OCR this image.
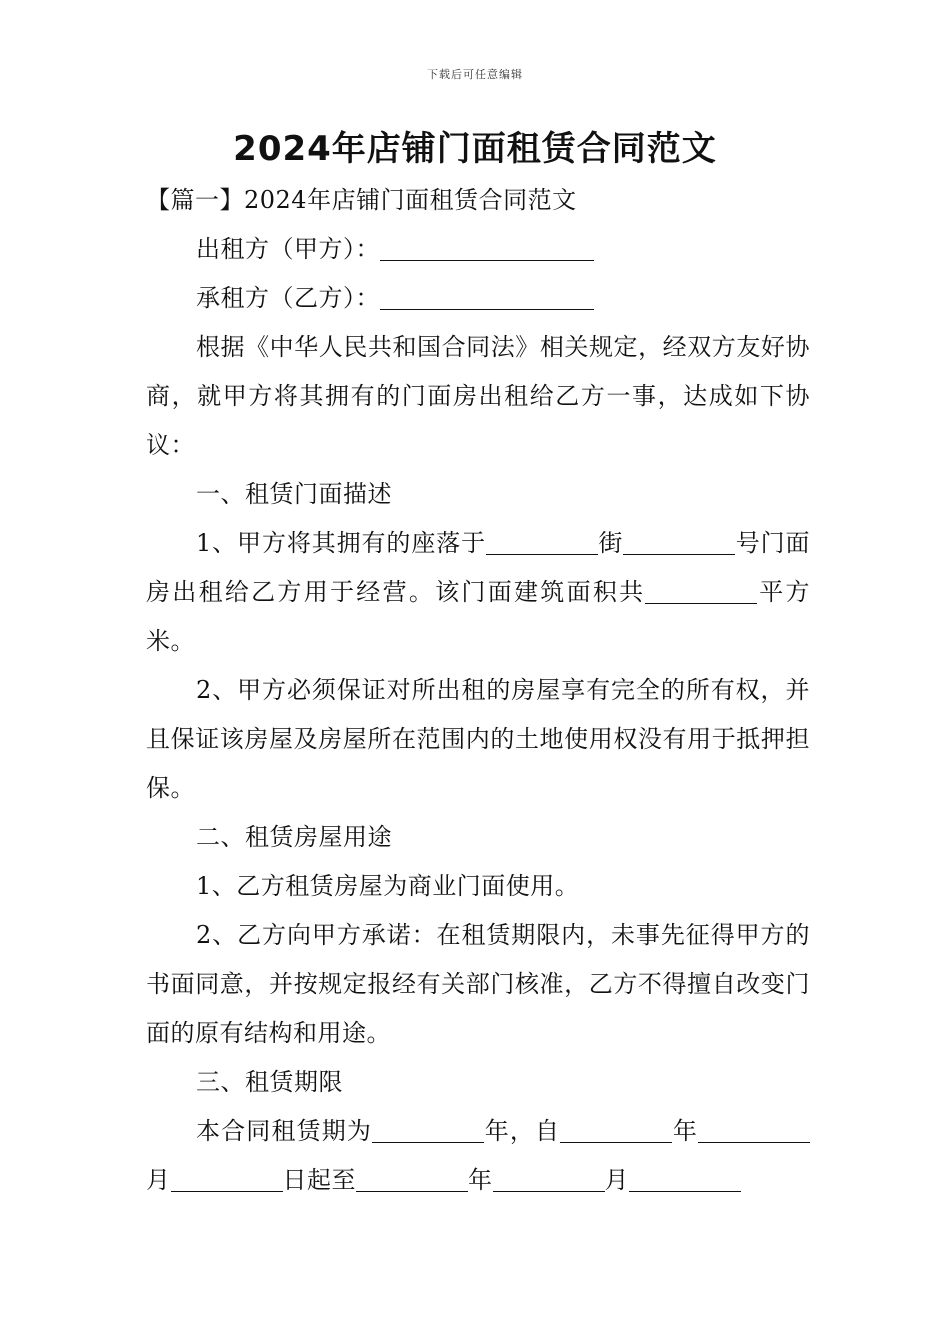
下载后可任意编辑
2024年店铺门面租赁合同范文

【篇一】2024年店铺门面租赁合同范文

出租方（甲方）：

承租方（乙方）：

根据《中华人民共和国合同法》相关规定，经双方友好协商，就甲方将其拥有的门面房出租给乙方一事，达成如下协议：

一、租赁门面描述

1、甲方将其拥有的座落于	街	号门面房出租给乙方用于经营。该门面建筑面积共	平方米。

2、甲方必须保证对所出租的房屋享有完全的所有权，并且保证该房屋及房屋所在范围内的土地使用权没有用于抵押担保。

二、租赁房屋用途

1、乙方租赁房屋为商业门面使用。

2、乙方向甲方承诺：在租赁期限内，未事先征得甲方的书面同意，并按规定报经有关部门核准，乙方不得擅自改变门面的原有结构和用途。

三、租赁期限

本合同租赁期为	年，自	年月	日起至	年	月
